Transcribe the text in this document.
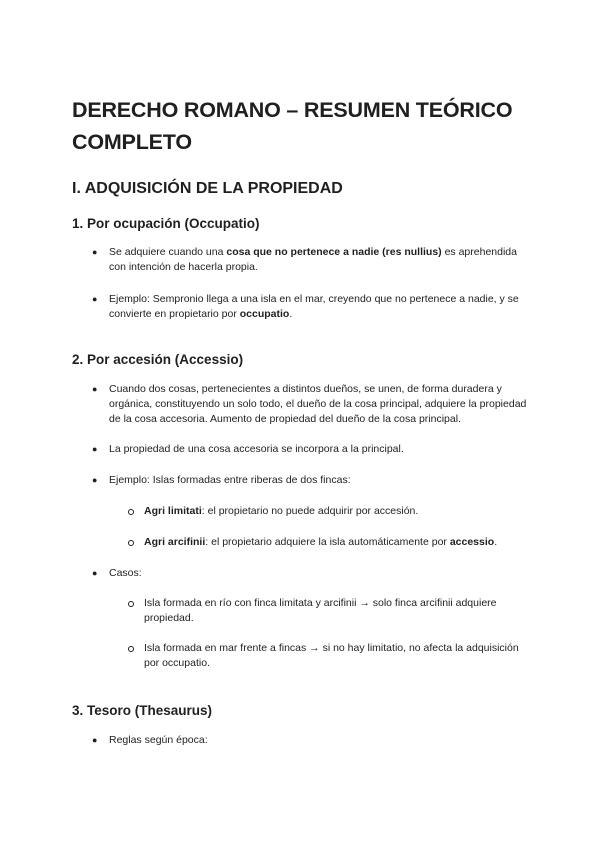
DERECHO ROMANO – RESUMEN TEÓRICO COMPLETO
I. ADQUISICIÓN DE LA PROPIEDAD
1. Por ocupación (Occupatio)
● Se adquiere cuando una cosa que no pertenece a nadie (res nullius) es aprehendida con intención de hacerla propia.
● Ejemplo: Sempronio llega a una isla en el mar, creyendo que no pertenece a nadie, y se convierte en propietario por occupatio.
2. Por accesión (Accessio)
● Cuando dos cosas, pertenecientes a distintos dueños, se unen, de forma duradera y orgánica, constituyendo un solo todo, el dueño de la cosa principal, adquiere la propiedad de la cosa accesoria. Aumento de propiedad del dueño de la cosa principal.
● La propiedad de una cosa accesoria se incorpora a la principal.
● Ejemplo: Islas formadas entre riberas de dos fincas:
Agri limitati: el propietario no puede adquirir por accesión.
Agri arcifinii: el propietario adquiere la isla automáticamente por accessio.
● Casos:
Isla formada en río con finca limitata y arcifinii → solo finca arcifinii adquiere propiedad.
Isla formada en mar frente a fincas → si no hay limitatio, no afecta la adquisición por occupatio.
3. Tesoro (Thesaurus)
● Reglas según época:
